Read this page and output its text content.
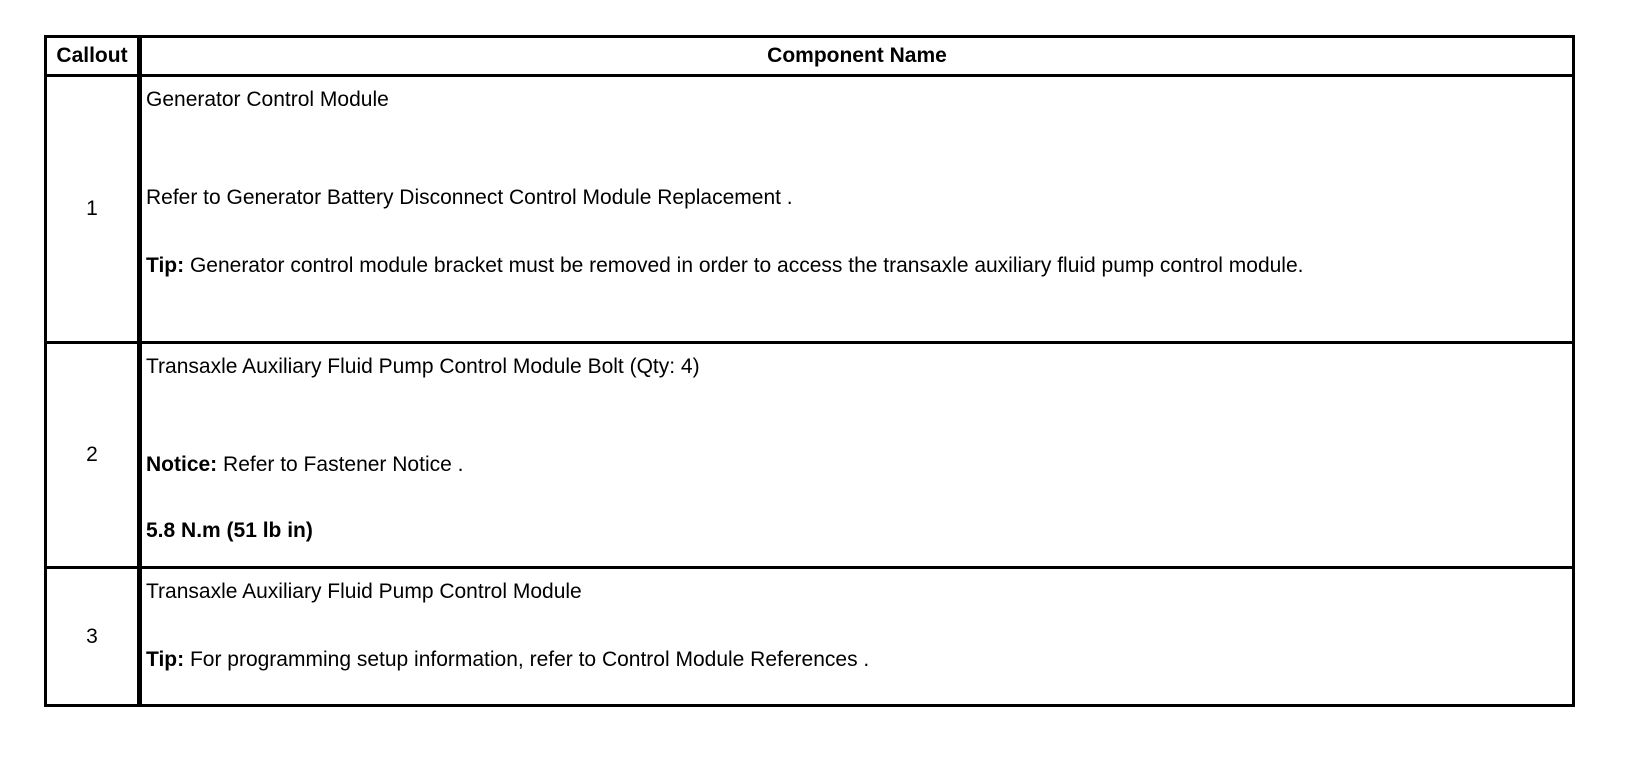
Callout	Component Name
1	Generator Control Module
Refer to Generator Battery Disconnect Control Module Replacement .
Tip: Generator control module bracket must be removed in order to access the transaxle auxiliary fluid pump control module.

2	Transaxle Auxiliary Fluid Pump Control Module Bolt (Qty: 4)
Notice: Refer to Fastener Notice .
5.8 N.m (51 lb in)

3	Transaxle Auxiliary Fluid Pump Control Module
Tip: For programming setup information, refer to Control Module References .
